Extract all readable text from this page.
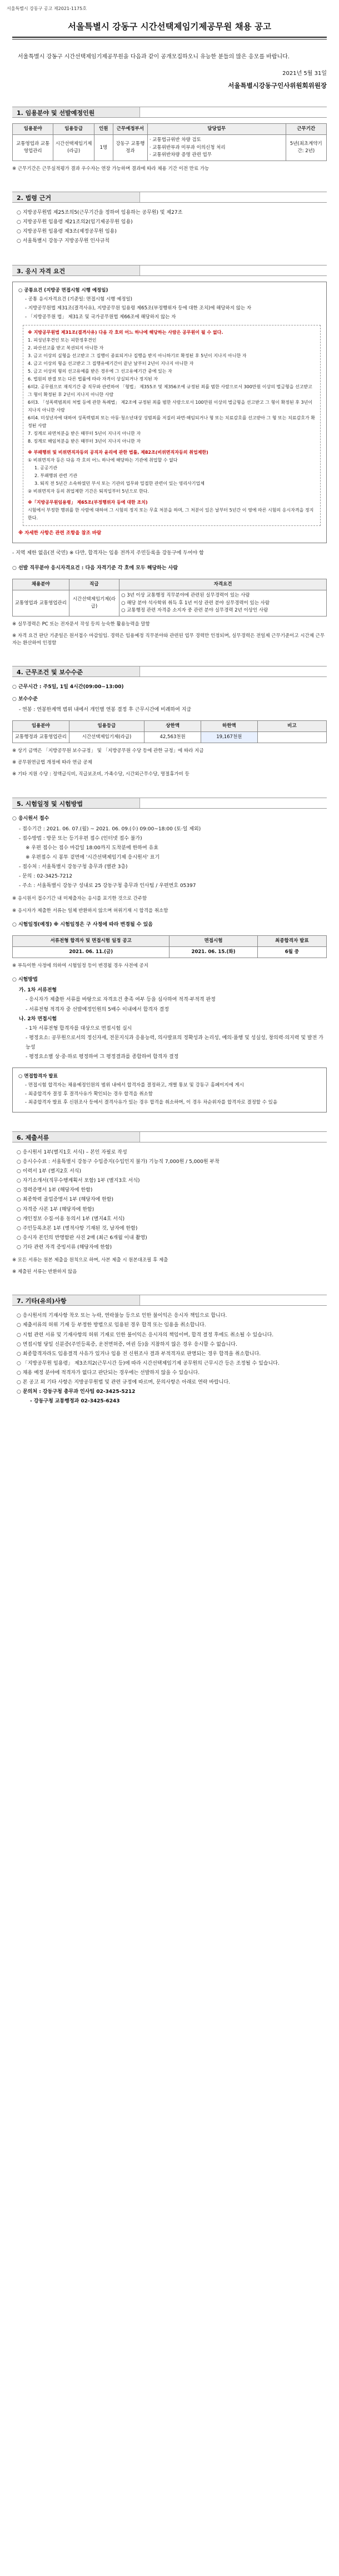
서울특별시 강동구 공고 제2021-1175호
서울특별시 강동구 시간선택제임기제공무원 채용 공고

서울특별시 강동구 시간선택제임기제공무원을 다음과 같이 공개모집하오니 유능한 분들의 많은 응모를 바랍니다.

2021년 5월 31일
서울특별시강동구인사위원회위원장
1. 임용분야 및 선발예정인원
임용분야	임용등급	인원	근무예정부서	담당업무	근무기간
교통영업과 교통영업관리	시간선택제임기제(라급)	1명	강동구 교통행정과	· 교통법규위반 차량 검토
· 교통위반부과 미부과 이의신청 처리
· 교통위반차량 증명 관련 업무	5년(최초계약기간: 2년)

※ 근무기간은 근무실적평가 결과 우수자는 연장 가능하며 결과에 따라 채용 기간 이전 만료 가능

2. 법령 근거
○ 지방공무원법 제25조의5(근무기간을 정하여 임용하는 공무원) 및 제27조
○ 지방공무원 임용령 제21조의2(임기제공무원 임용)
○ 지방공무원 임용령 제3조(제정공무원 임용)
○ 서울특별시 강동구 지방공무원 인사규칙
3. 응시 자격 요건
○ 공통요건 (지방공 면접시험 시행 예정일)
- 공통 응시자격요건 (기준일: 면접시험 시행 예정일)
- 지방공무원법 제31조(결격사유), 지방공무원 임용령 제65조(부정행위자 등에 대한 조치)에 해당하지 않는 자
- 「지방공무원 법」 제31조 및 국가공무원법 제66조에 해당하지 않는 자
※ 지방공무원법 제31조(결격사유) 다음 각 호의 어느 하나에 해당하는 사람은 공무원이 될 수 없다.
1. 피성년후견인 또는 피한정후견인
2. 파산선고를 받고 복권되지 아니한 자
3. 금고 이상의 실형을 선고받고 그 집행이 종료되거나 집행을 받지 아니하기로 확정된 후 5년이 지나지 아니한 자
4. 금고 이상의 형을 선고받고 그 집행유예기간이 끝난 날부터 2년이 지나지 아니한 자
5. 금고 이상의 형의 선고유예를 받은 경우에 그 선고유예기간 중에 있는 자
6. 법원의 판결 또는 다른 법률에 따라 자격이 상실되거나 정지된 자
6의2. 공무원으로 재직기간 중 직무와 관련하여 「형법」 제355조 및 제356조에 규정된 죄를 범한 사람으로서 300만원 이상의 벌금형을 선고받고 그 형이 확정된 후 2년이 지나지 아니한 사람
6의3. 「성폭력범죄의 처벌 등에 관한 특례법」 제2조에 규정된 죄를 범한 사람으로서 100만원 이상의 벌금형을 선고받고 그 형이 확정된 후 3년이 지나지 아니한 사람
6의4. 미성년자에 대하여 성폭력범죄 또는 아동·청소년대상 성범죄를 저질러 파면·해임되거나 형 또는 치료감호를 선고받아 그 형 또는 치료감호가 확정된 사람
7. 징계로 파면처분을 받은 때부터 5년이 지나지 아니한 자
8. 징계로 해임처분을 받은 때부터 3년이 지나지 아니한 자
※ 부패행위 및 비위면직자등의 공직자 윤리에 관한 법률, 제82조(비위면직자등의 취업제한)
① 비위면직자 등은 다음 각 호의 어느 하나에 해당하는 기관에 취업할 수 없다
1. 공공기관
2. 부패행위 관련 기관
3. 퇴직 전 5년간 소속하였던 부서 또는 기관의 업무와 밀접한 관련이 있는 영리사기업체
② 비위면직자 등의 취업제한 기간은 퇴직일부터 5년으로 한다.
※「지방공무원임용령」 제65조(부정행위자 등에 대한 조치)
시험에서 부정한 행위를 한 사람에 대하여 그 시험의 정지 또는 무효 처분을 하며, 그 처분이 있은 날부터 5년간 이 영에 따른 시험의 응시자격을 정지한다.
※ 자세한 사항은 관련 조항을 참조 바람

- 지역 제한 없음(전 국민) ※ 다만, 합격자는 임용 전까지 주민등록을 강동구에 두어야 함

○ 선발 직무분야 응시자격요건 : 다음 자격기준 각 호에 모두 해당하는 사람

채용분야	직급	자격요건
교통영업과 교통영업관리	시간선택제임기제(라급)	○ 3년 이상 교통행정 직무분야에 관련된 실무경력이 있는 사람
○ 해당 분야 석사학위 취득 후 1년 이상 관련 분야 실무경력이 있는 사람
○ 교통행정 관련 자격증 소지자 중 관련 분야 실무경력 2년 이상인 사람

※ 실무경력은 PC 또는 전자문서 작성 등의 능숙한 활용능력을 말함

※ 자격 요건 판단 기준일은 원서접수 마감일임. 경력은 임용예정 직무분야와 관련된 업무 경력만 인정되며, 실무경력은 전일제 근무기준이고 시간제 근무자는 환산하여 인정함

4. 근무조건 및 보수수준

○ 근무시간 : 주5일, 1일 4시간(09:00~13:00)

○ 보수수준

- 연봉 : 연봉한계액 범위 내에서 개인별 연봉 결정 후 근무시간에 비례하여 지급

임용분야	임용등급	상한액	하한액	비고
교통행정과 교통영업관리	시간선택제임기제(라급)	42,563천원	19,167천원	

※ 상기 금액은 「지방공무원 보수규정」 및 「지방공무원 수당 등에 관한 규정」에 따라 지급

※ 공무원연금법 개정에 따라 연금 공제

※ 기타 지원 수당 : 정액급식비, 직급보조비, 가족수당, 시간외근무수당, 명절휴가비 등

5. 시험일정 및 시험방법

○ 응시원서 접수

- 접수기간 : 2021. 06. 07.(월) ~ 2021. 06. 09.(수) 09:00~18:00 (토·일 제외)
- 접수방법 : 방문 또는 등기우편 접수 (인터넷 접수 불가)
※ 우편 접수는 접수 마감일 18:00까지 도착분에 한하여 유효
※ 우편접수 시 봉투 겉면에 '시간선택제임기제 응시원서' 표기
- 접수처 : 서울특별시 강동구청 총무과 (별관 3층)
- 문의 : 02-3425-7212
- 주소 : 서울특별시 강동구 성내로 25 강동구청 총무과 인사팀 / 우편번호 05397

※ 응시원서 접수기간 내 미제출자는 응시를 포기한 것으로 간주함

※ 응시자가 제출한 서류는 일체 반환하지 않으며 허위기재 시 합격을 취소함

○ 시험일정(예정) ※ 시험일정은 구 사정에 따라 변경될 수 있음

서류전형 합격자 및 면접시험 일정 공고	면접시험	최종합격자 발표
2021. 06. 11.(금)	2021. 06. 15.(화)	6월 중

※ 부득이한 사정에 의하여 시험일정 등이 변경될 경우 사전에 공지

○ 시험방법

가. 1차 서류전형
- 응시자가 제출한 서류를 바탕으로 자격요건 충족 여부 등을 심사하여 적격·부적격 판정
- 서류전형 적격자 중 선발예정인원의 5배수 이내에서 합격자 결정
나. 2차 면접시험
- 1차 서류전형 합격자를 대상으로 면접시험 실시
- 평정요소: 공무원으로서의 정신자세, 전문지식과 응용능력, 의사발표의 정확성과 논리성, 예의·품행 및 성실성, 창의력·의지력 및 발전 가능성
- 평정요소별 상·중·하로 평정하여 그 평정결과를 종합하여 합격자 결정
○ 면접합격자 발표
- 면접시험 합격자는 채용예정인원의 범위 내에서 합격자를 결정하고, 개별 통보 및 강동구 홈페이지에 게시
- 최종합격자 결정 후 결격사유가 확인되는 경우 합격을 취소함
- 최종합격자 발표 후 신원조사 등에서 결격사유가 있는 경우 합격을 취소하며, 이 경우 차순위자를 합격자로 결정할 수 있음
6. 제출서류
○ 응시원서 1부(별지1호 서식) – 본인 자필로 작성
○ 응시수수료 : 서울특별시 강동구 수입증지(수입인지 불가) 기능직 7,000원 / 5,000원 부착
○ 이력서 1부 (별지2호 서식)
○ 자기소개서(직무수행계획서 포함) 1부 (별지3호 서식)
○ 경력증명서 1부 (해당자에 한함)
○ 최종학력 졸업증명서 1부 (해당자에 한함)
○ 자격증 사본 1부 (해당자에 한함)
○ 개인정보 수집·이용 동의서 1부 (별지4호 서식)
○ 주민등록초본 1부 (병적사항 기재된 것, 남자에 한함)
○ 응시자 본인의 반명함판 사진 2매 (최근 6개월 이내 촬영)
○ 기타 관련 자격 증빙서류 (해당자에 한함)

※ 모든 서류는 원본 제출을 원칙으로 하며, 사본 제출 시 원본대조필 후 제출

※ 제출된 서류는 반환하지 않음

7. 기타(유의)사항
○ 응시원서의 기재사항 착오 또는 누락, 연락불능 등으로 인한 불이익은 응시자 책임으로 합니다.
○ 제출서류의 허위 기재 등 부정한 방법으로 임용된 경우 합격 또는 임용을 취소합니다.
○ 시험 관련 서류 및 기재사항의 허위 기재로 인한 불이익은 응시자의 책임이며, 합격 결정 후에도 취소될 수 있습니다.
○ 면접시험 당일 신분증(주민등록증, 운전면허증, 여권 등)을 지참하지 않은 경우 응시할 수 없습니다.
○ 최종합격자라도 임용결격 사유가 있거나 임용 전 신원조사 결과 부적격자로 판명되는 경우 합격을 취소합니다.
○ 「지방공무원 임용령」 제3조의2(근무시간 등)에 따라 시간선택제임기제 공무원의 근무시간 등은 조정될 수 있습니다.
○ 채용 예정 분야에 적격자가 없다고 판단되는 경우에는 선발하지 않을 수 있습니다.
○ 본 공고 외 기타 사항은 지방공무원법 및 관련 규정에 따르며, 문의사항은 아래로 연락 바랍니다.
○ 문의처 : 강동구청 총무과 인사팀 02-3425-5212
- 강동구청 교통행정과 02-3425-6243
